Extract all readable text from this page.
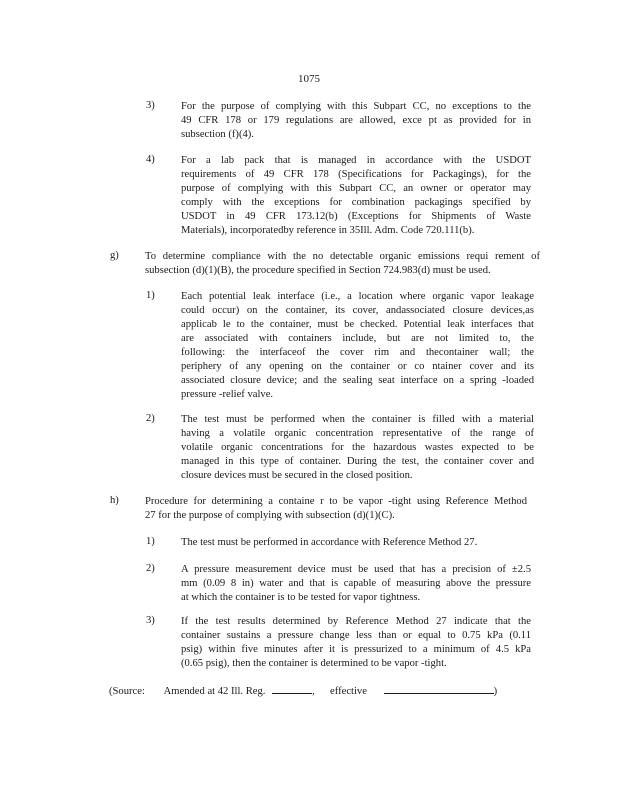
1075
3) For the purpose of complying with this Subpart CC, no exceptions to the
49 CFR 178 or 179 regulations are allowed, exce pt as provided for in
subsection (f)(4).
4) For a lab pack that is managed in accordance with the USDOT
requirements of 49 CFR 178 (Specifications for Packagings), for the
purpose of complying with this Subpart CC, an owner or operator may
comply with the exceptions for combination packagings specified by
USDOT in 49 CFR 173.12(b) (Exceptions for Shipments of Waste
Materials), incorporatedby reference in 35Ill. Adm. Code 720.111(b).
g) To determine compliance with the no detectable organic emissions requi rement of
subsection (d)(1)(B), the procedure specified in Section 724.983(d) must be used.
1) Each potential leak interface (i.e., a location where organic vapor leakage
could occur) on the container, its cover, andassociated closure devices,as
applicab le to the container, must be checked. Potential leak interfaces that
are associated with containers include, but are not limited to, the
following: the interfaceof the cover rim and thecontainer wall; the
periphery of any opening on the container or co ntainer cover and its
associated closure device; and the sealing seat interface on a spring -loaded
pressure -relief valve.
2) The test must be performed when the container is filled with a material
having a volatile organic concentration representative of the range of
volatile organic concentrations for the hazardous wastes expected to be
managed in this type of container. During the test, the container cover and
closure devices must be secured in the closed position.
h) Procedure for determining a containe r to be vapor -tight using Reference Method
27 for the purpose of complying with subsection (d)(1)(C).
1) The test must be performed in accordance with Reference Method 27.
2) A pressure measurement device must be used that has a precision of ±2.5
mm (0.09 8 in) water and that is capable of measuring above the pressure
at which the container is to be tested for vapor tightness.
3) If the test results determined by Reference Method 27 indicate that the
container sustains a pressure change less than or equal to 0.75 kPa (0.11
psig) within five minutes after it is pressurized to a minimum of 4.5 kPa
(0.65 psig), then the container is determined to be vapor -tight.
(Source: Amended at 42 Ill. Reg.	, effective	)
